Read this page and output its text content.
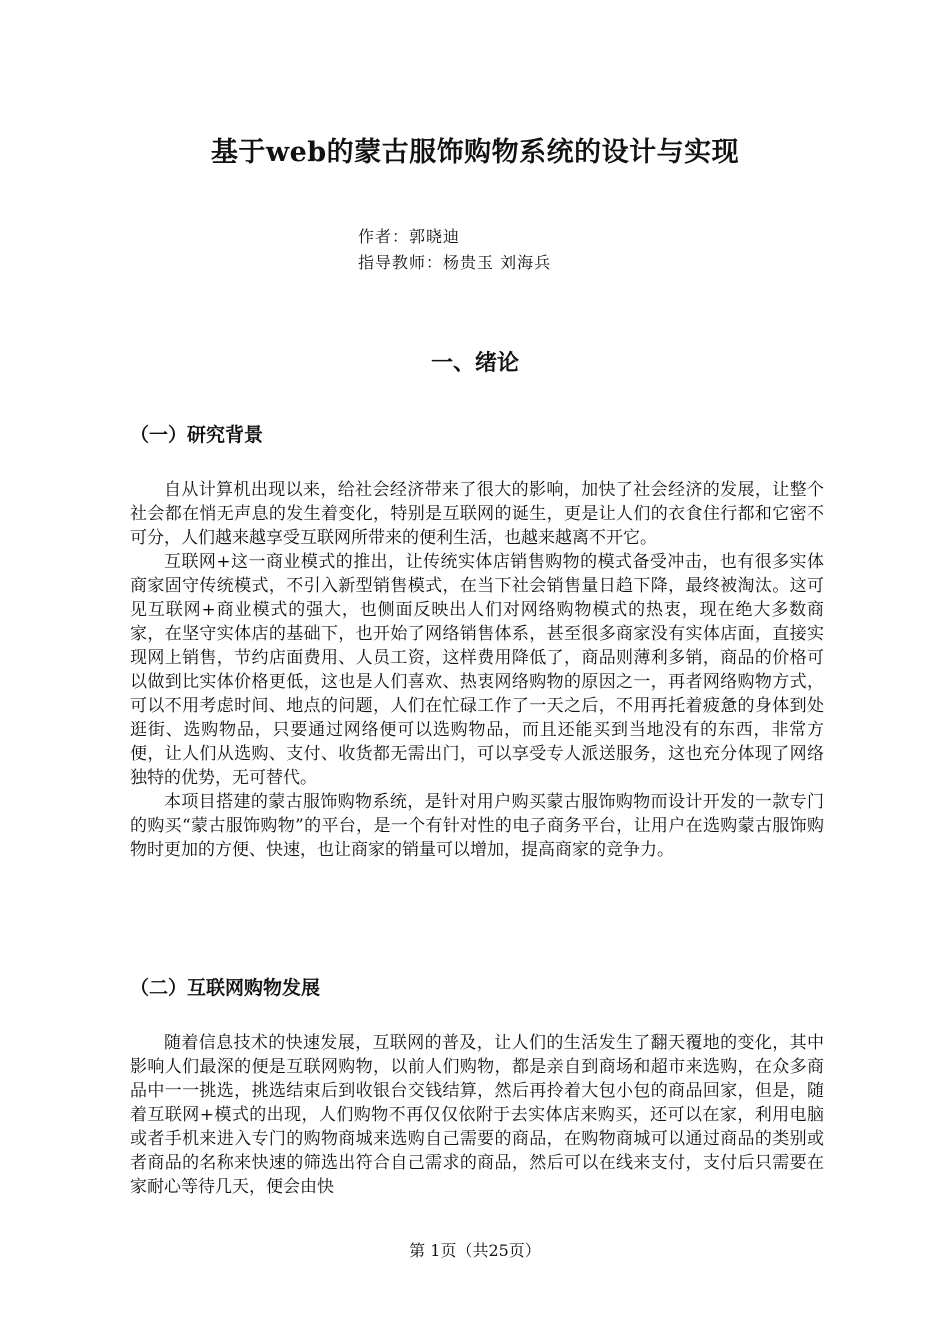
基于web的蒙古服饰购物系统的设计与实现
作者：郭晓迪
指导教师：杨贵玉 刘海兵
一、绪论
（一）研究背景

自从计算机出现以来，给社会经济带来了很大的影响，加快了社会经济的发展，让整个社会都在悄无声息的发生着变化，特别是互联网的诞生，更是让人们的衣食住行都和它密不可分，人们越来越享受互联网所带来的便利生活，也越来越离不开它。

互联网+这一商业模式的推出，让传统实体店销售购物的模式备受冲击，也有很多实体商家固守传统模式，不引入新型销售模式，在当下社会销售量日趋下降，最终被淘汰。这可见互联网+商业模式的强大，也侧面反映出人们对网络购物模式的热衷，现在绝大多数商家，在坚守实体店的基础下，也开始了网络销售体系，甚至很多商家没有实体店面，直接实现网上销售，节约店面费用、人员工资，这样费用降低了，商品则薄利多销，商品的价格可以做到比实体价格更低，这也是人们喜欢、热衷网络购物的原因之一，再者网络购物方式，可以不用考虑时间、地点的问题，人们在忙碌工作了一天之后，不用再托着疲惫的身体到处逛街、选购物品，只要通过网络便可以选购物品，而且还能买到当地没有的东西，非常方便，让人们从选购、支付、收货都无需出门，可以享受专人派送服务，这也充分体现了网络独特的优势，无可替代。

本项目搭建的蒙古服饰购物系统，是针对用户购买蒙古服饰购物而设计开发的一款专门的购买“蒙古服饰购物”的平台，是一个有针对性的电子商务平台，让用户在选购蒙古服饰购物时更加的方便、快速，也让商家的销量可以增加，提高商家的竞争力。

（二）互联网购物发展

随着信息技术的快速发展，互联网的普及，让人们的生活发生了翻天覆地的变化，其中影响人们最深的便是互联网购物，以前人们购物，都是亲自到商场和超市来选购，在众多商品中一一挑选，挑选结束后到收银台交钱结算，然后再拎着大包小包的商品回家，但是，随着互联网+模式的出现，人们购物不再仅仅依附于去实体店来购买，还可以在家，利用电脑或者手机来进入专门的购物商城来选购自己需要的商品，在购物商城可以通过商品的类别或者商品的名称来快速的筛选出符合自己需求的商品，然后可以在线来支付，支付后只需要在家耐心等待几天，便会由快

第 1页（共25页）
